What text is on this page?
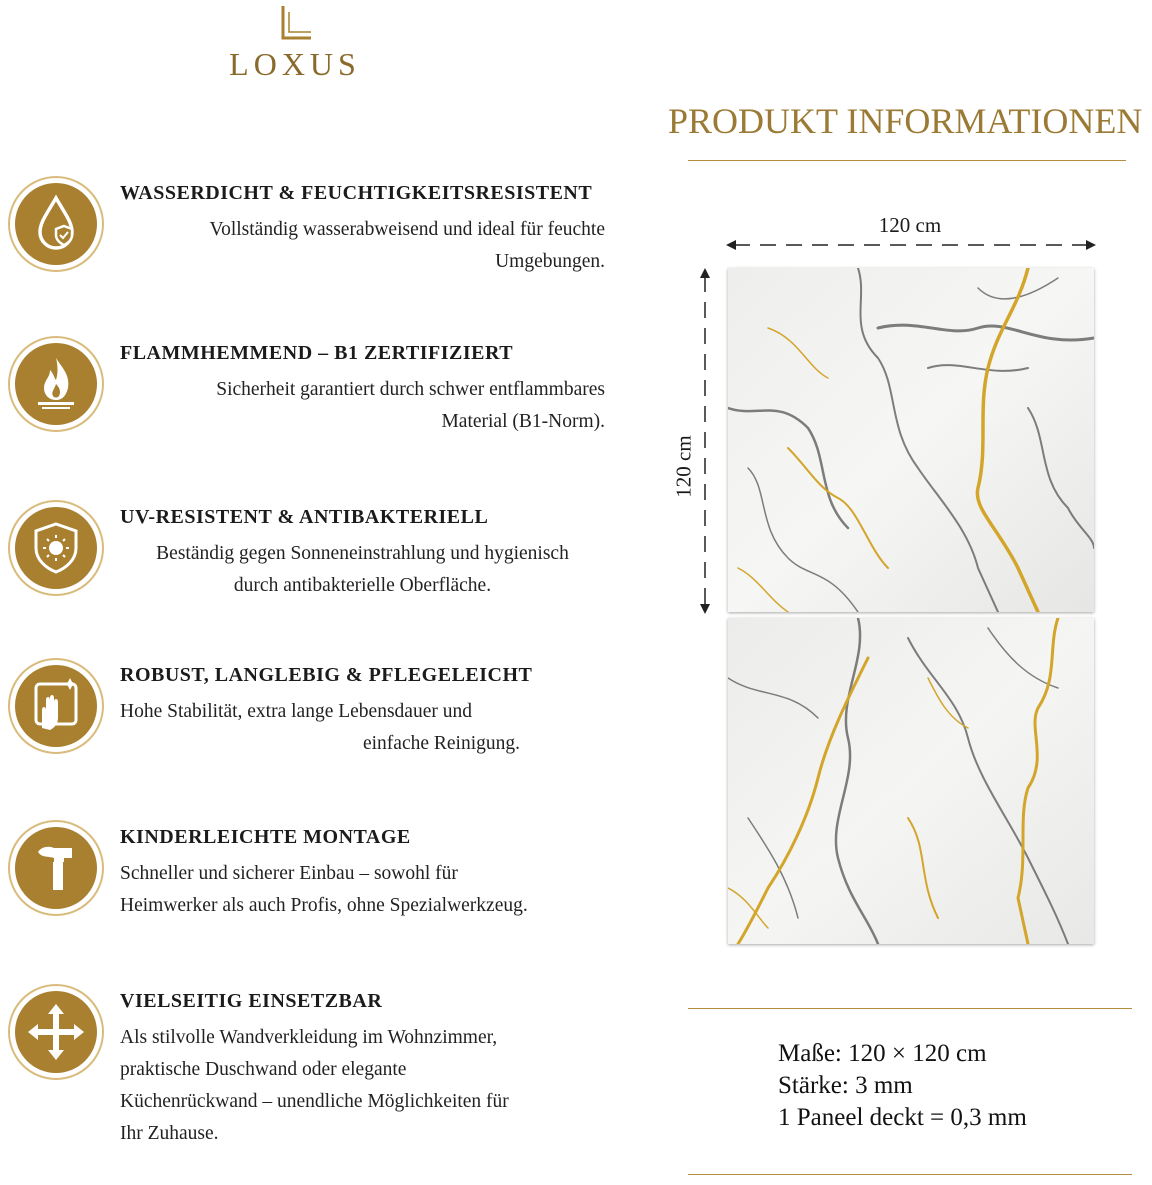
LOXUS
PRODUKT INFORMATIONEN
WASSERDICHT & FEUCHTIGKEITSRESISTENT
Vollständig wasserabweisend und ideal für feuchte
Umgebungen.
FLAMMHEMMEND – B1 ZERTIFIZIERT
Sicherheit garantiert durch schwer entflammbares
Material (B1-Norm).
UV-RESISTENT & ANTIBAKTERIELL
Beständig gegen Sonneneinstrahlung und hygienisch
durch antibakterielle Oberfläche.
ROBUST, LANGLEBIG & PFLEGELEICHT
Hohe Stabilität, extra lange Lebensdauer und
einfache Reinigung.
KINDERLEICHTE MONTAGE
Schneller und sicherer Einbau – sowohl für
Heimwerker als auch Profis, ohne Spezialwerkzeug.
VIELSEITIG EINSETZBAR
Als stilvolle Wandverkleidung im Wohnzimmer,
praktische Duschwand oder elegante
Küchenrückwand – unendliche Möglichkeiten für
Ihr Zuhause.
120 cm
120 cm
Maße: 120 × 120 cm
Stärke: 3 mm
1 Paneel deckt = 0,3 mm
